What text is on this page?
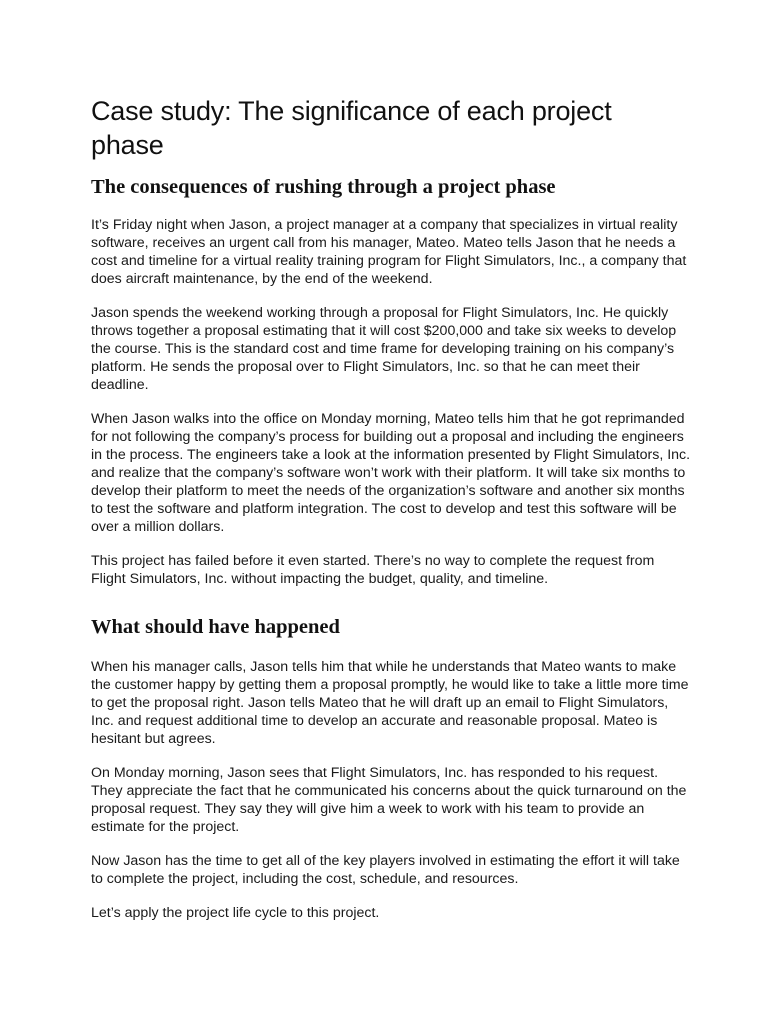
Case study: The significance of each project phase
The consequences of rushing through a project phase

It’s Friday night when Jason, a project manager at a company that specializes in virtual reality software, receives an urgent call from his manager, Mateo. Mateo tells Jason that he needs a cost and timeline for a virtual reality training program for Flight Simulators, Inc., a company that does aircraft maintenance, by the end of the weekend.

Jason spends the weekend working through a proposal for Flight Simulators, Inc. He quickly throws together a proposal estimating that it will cost $200,000 and take six weeks to develop the course. This is the standard cost and time frame for developing training on his company’s platform. He sends the proposal over to Flight Simulators, Inc. so that he can meet their deadline.

When Jason walks into the office on Monday morning, Mateo tells him that he got reprimanded for not following the company’s process for building out a proposal and including the engineers in the process. The engineers take a look at the information presented by Flight Simulators, Inc. and realize that the company’s software won’t work with their platform. It will take six months to develop their platform to meet the needs of the organization’s software and another six months to test the software and platform integration. The cost to develop and test this software will be over a million dollars.

This project has failed before it even started. There’s no way to complete the request from Flight Simulators, Inc. without impacting the budget, quality, and timeline.

What should have happened

When his manager calls, Jason tells him that while he understands that Mateo wants to make the customer happy by getting them a proposal promptly, he would like to take a little more time to get the proposal right. Jason tells Mateo that he will draft up an email to Flight Simulators, Inc. and request additional time to develop an accurate and reasonable proposal. Mateo is hesitant but agrees.

On Monday morning, Jason sees that Flight Simulators, Inc. has responded to his request. They appreciate the fact that he communicated his concerns about the quick turnaround on the proposal request. They say they will give him a week to work with his team to provide an estimate for the project.

Now Jason has the time to get all of the key players involved in estimating the effort it will take to complete the project, including the cost, schedule, and resources.

Let’s apply the project life cycle to this project.
